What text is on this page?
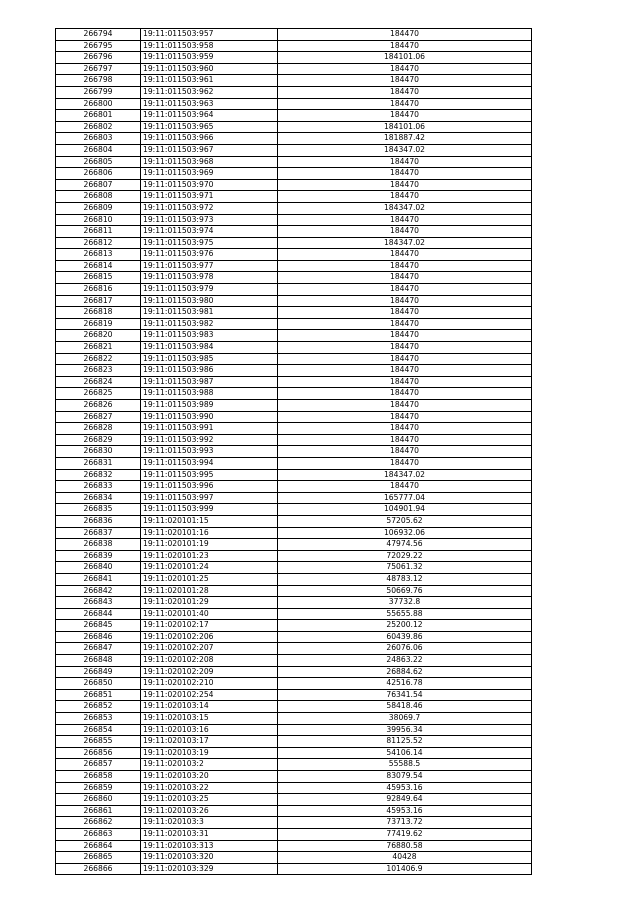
266794	19:11:011503:957	184470
266795	19:11:011503:958	184470
266796	19:11:011503:959	184101.06
266797	19:11:011503:960	184470
266798	19:11:011503:961	184470
266799	19:11:011503:962	184470
266800	19:11:011503:963	184470
266801	19:11:011503:964	184470
266802	19:11:011503:965	184101.06
266803	19:11:011503:966	181887.42
266804	19:11:011503:967	184347.02
266805	19:11:011503:968	184470
266806	19:11:011503:969	184470
266807	19:11:011503:970	184470
266808	19:11:011503:971	184470
266809	19:11:011503:972	184347.02
266810	19:11:011503:973	184470
266811	19:11:011503:974	184470
266812	19:11:011503:975	184347.02
266813	19:11:011503:976	184470
266814	19:11:011503:977	184470
266815	19:11:011503:978	184470
266816	19:11:011503:979	184470
266817	19:11:011503:980	184470
266818	19:11:011503:981	184470
266819	19:11:011503:982	184470
266820	19:11:011503:983	184470
266821	19:11:011503:984	184470
266822	19:11:011503:985	184470
266823	19:11:011503:986	184470
266824	19:11:011503:987	184470
266825	19:11:011503:988	184470
266826	19:11:011503:989	184470
266827	19:11:011503:990	184470
266828	19:11:011503:991	184470
266829	19:11:011503:992	184470
266830	19:11:011503:993	184470
266831	19:11:011503:994	184470
266832	19:11:011503:995	184347.02
266833	19:11:011503:996	184470
266834	19:11:011503:997	165777.04
266835	19:11:011503:999	104901.94
266836	19:11:020101:15	57205.62
266837	19:11:020101:16	106932.06
266838	19:11:020101:19	47974.56
266839	19:11:020101:23	72029.22
266840	19:11:020101:24	75061.32
266841	19:11:020101:25	48783.12
266842	19:11:020101:28	50669.76
266843	19:11:020101:29	37732.8
266844	19:11:020101:40	55655.88
266845	19:11:020102:17	25200.12
266846	19:11:020102:206	60439.86
266847	19:11:020102:207	26076.06
266848	19:11:020102:208	24863.22
266849	19:11:020102:209	26884.62
266850	19:11:020102:210	42516.78
266851	19:11:020102:254	76341.54
266852	19:11:020103:14	58418.46
266853	19:11:020103:15	38069.7
266854	19:11:020103:16	39956.34
266855	19:11:020103:17	81125.52
266856	19:11:020103:19	54106.14
266857	19:11:020103:2	55588.5
266858	19:11:020103:20	83079.54
266859	19:11:020103:22	45953.16
266860	19:11:020103:25	92849.64
266861	19:11:020103:26	45953.16
266862	19:11:020103:3	73713.72
266863	19:11:020103:31	77419.62
266864	19:11:020103:313	76880.58
266865	19:11:020103:320	40428
266866	19:11:020103:329	101406.9
